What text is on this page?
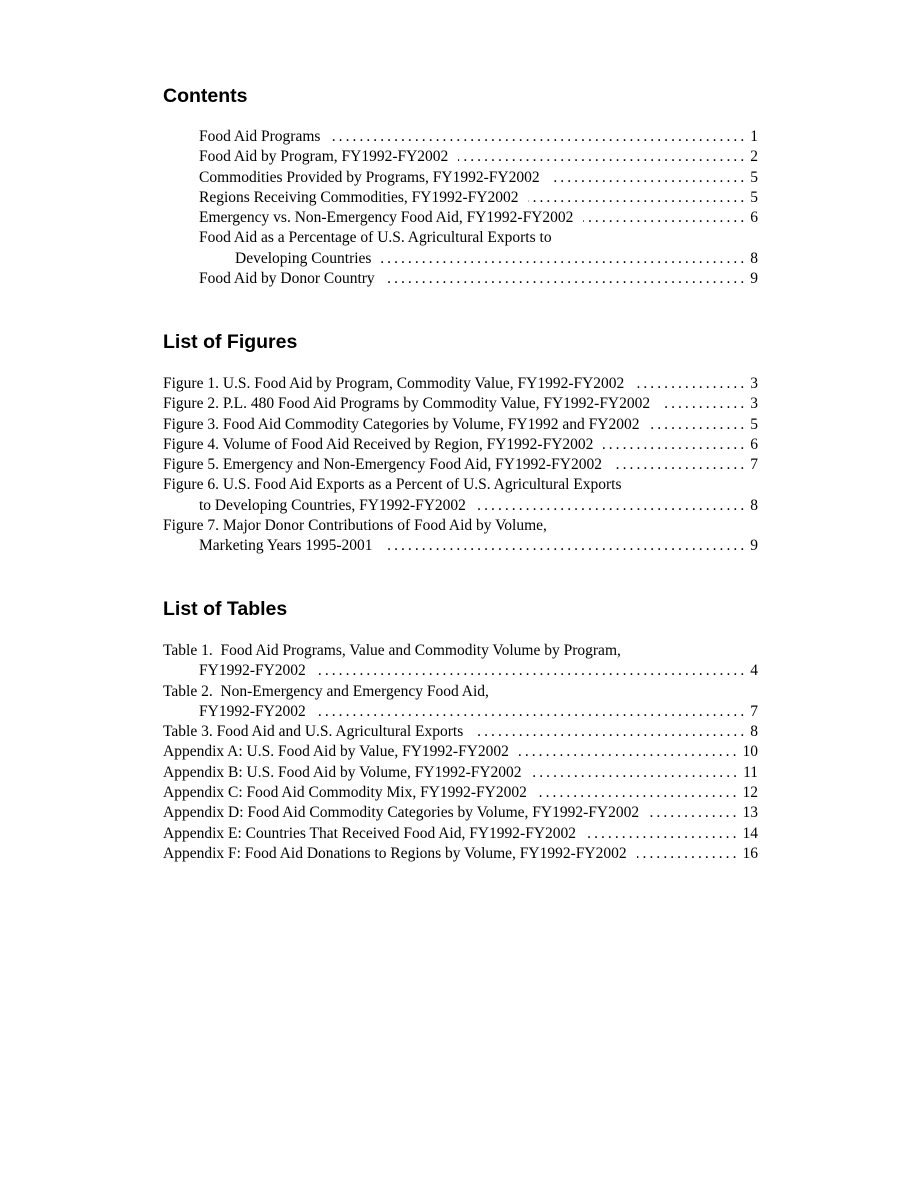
Contents
Food Aid Programs .....	1
Food Aid by Program, FY1992-FY2002 .....	2
Commodities Provided by Programs, FY1992-FY2002 .....	5
Regions Receiving Commodities, FY1992-FY2002 .....	5
Emergency vs. Non-Emergency Food Aid, FY1992-FY2002 .....	6
Food Aid as a Percentage of U.S. Agricultural Exports to
Developing Countries .....	8
Food Aid by Donor Country .....	9
List of Figures
Figure 1. U.S. Food Aid by Program, Commodity Value, FY1992-FY2002 .....	3
Figure 2. P.L. 480 Food Aid Programs by Commodity Value, FY1992-FY2002 .....	3
Figure 3. Food Aid Commodity Categories by Volume, FY1992 and FY2002 .....	5
Figure 4. Volume of Food Aid Received by Region, FY1992-FY2002 .....	6
Figure 5. Emergency and Non-Emergency Food Aid, FY1992-FY2002 .....	7
Figure 6. U.S. Food Aid Exports as a Percent of U.S. Agricultural Exports
to Developing Countries, FY1992-FY2002 .....	8
Figure 7. Major Donor Contributions of Food Aid by Volume,
Marketing Years 1995-2001 .....	9
List of Tables
Table 1.  Food Aid Programs, Value and Commodity Volume by Program,
FY1992-FY2002 .....	4
Table 2.  Non-Emergency and Emergency Food Aid,
FY1992-FY2002 .....	7
Table 3. Food Aid and U.S. Agricultural Exports .....	8
Appendix A: U.S. Food Aid by Value, FY1992-FY2002 .....	10
Appendix B: U.S. Food Aid by Volume, FY1992-FY2002 .....	11
Appendix C: Food Aid Commodity Mix, FY1992-FY2002 .....	12
Appendix D: Food Aid Commodity Categories by Volume, FY1992-FY2002 .....	13
Appendix E: Countries That Received Food Aid, FY1992-FY2002 .....	14
Appendix F: Food Aid Donations to Regions by Volume, FY1992-FY2002 .....	16
